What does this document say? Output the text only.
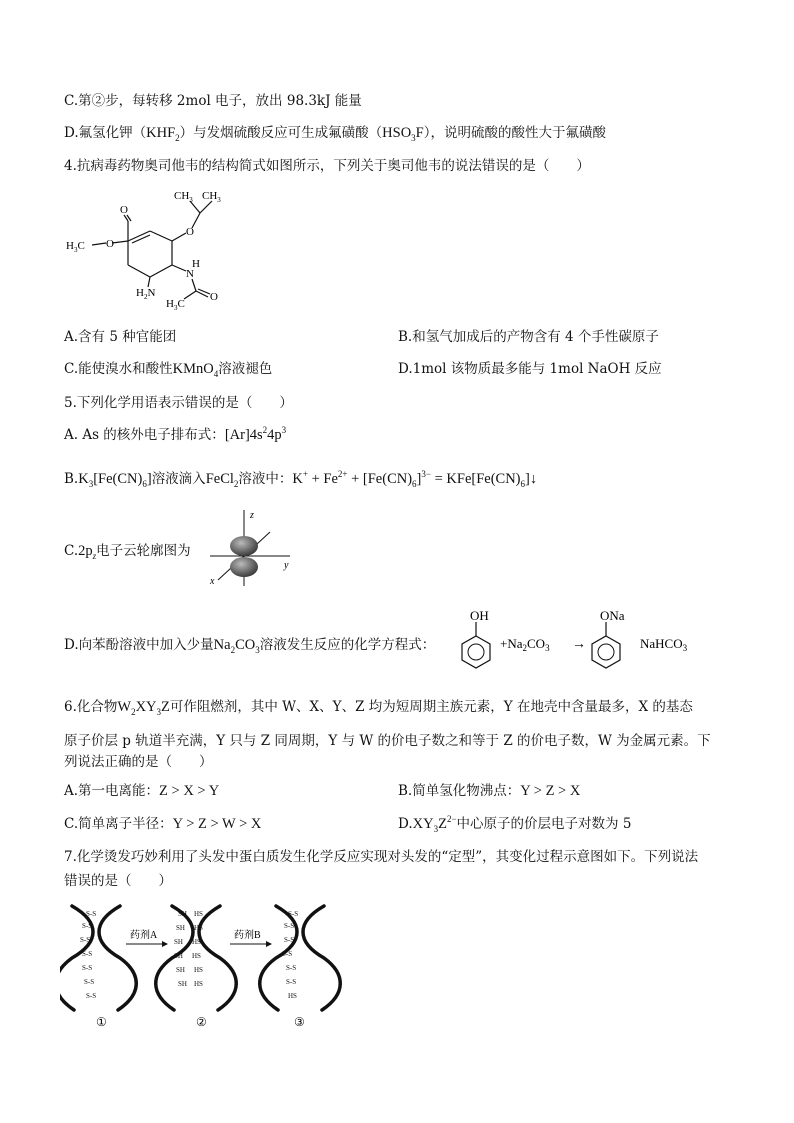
C.第②步，每转移 2mol 电子，放出 98.3kJ 能量
D.氟氢化钾$(KHF_2)$与发烟硫酸反应可生成氟磺酸$(HSO_3F)$，说明硫酸的酸性大于氟磺酸
4.抗病毒药物奥司他韦的结构简式如图所示，下列关于奥司他韦的说法错误的是（　　）
$CH_3$ $CH_3$
O
O
$H_3C$
O
N
H
$H_2N$
$H_3C$
O
A.含有 5 种官能团	B.和氢气加成后的产物含有 4 个手性碳原子
C.能使溴水和酸性KMnO$_4$溶液褪色	D.1mol 该物质最多能与 1mol NaOH 反应
5.下列化学用语表示错误的是（　　）
A. As 的核外电子排布式：$[Ar]4s^24p^3$
$B.K_3[Fe(CN)_6]$溶液滴入FeCl$_2$溶液中：$K^+ + Fe^{2+} + [Fe(CN)_6]^{3-}$ = $KFe[Fe(CN)_6]↓$
$C.2p_z$电子云轮廓图为
z
y
x
D.向苯酚溶液中加入少量$Na_2CO_3$溶液发生反应的化学方程式：
OH	ONa
$+Na_2CO_3$ →	NaHCO$_3$
6.化合物$W_2XY_3Z$可作阻燃剂，其中 W、X、Y、Z 均为短周期主族元素，Y 在地壳中含量最多，X 的基态
原子价层 p 轨道半充满，Y 只与 Z 同周期，Y 与 W 的价电子数之和等于 Z 的价电子数，W 为金属元素。下
列说法正确的是（　　）
A.第一电离能：Z > X > Y	B.简单氢化物沸点：Y > Z > X
C.简单离子半径：Y > Z > W > X	$D.XY_3Z^{2-}$中心原子的价层电子对数为 5
7.化学烫发巧妙利用了头发中蛋白质发生化学反应实现对头发的“定型”，其变化过程示意图如下。下列说法
错误的是（　　）
S-S
S-S
S-S
S-S
S-S
S-S
S-S
SH HS
SH HS
SH HS
SH HS
SH HS
SH HS
S-S
S-S
S-S
S-S
S-S
S-S
HS
药剂A	药剂B
①	②	③
